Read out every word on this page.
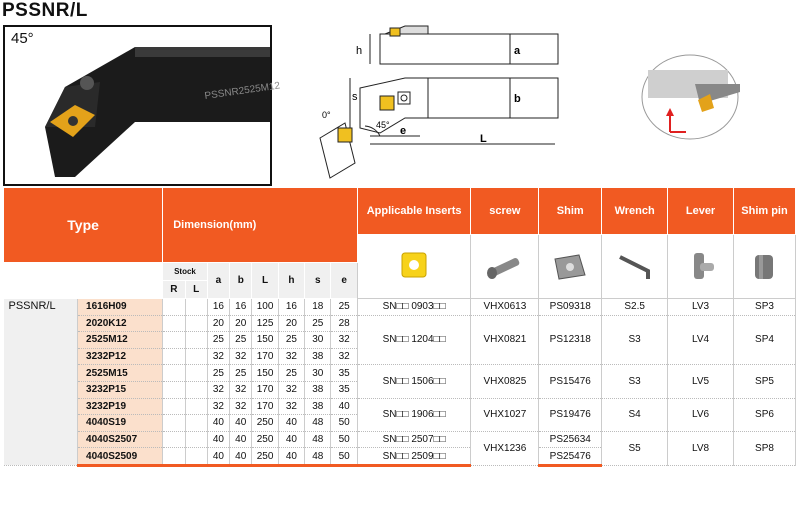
PSSNR/L
45°
PSSNR2525M12
h	a
s	b
0°
45° e
L
Type		Dimension(mm)								Applicable Inserts	screw	Shim	Wrench	Lever	Shim pin

		Stock		a	b	L	h	s	e						
		R	L												
PSSNR/L	1616H09			16	16	100	16	18	25	SN□□ 0903□□	VHX0613	PS09318	S2.5	LV3	SP3
	2020K12			20	20	125	20	25	28	SN□□ 1204□□	VHX0821	PS12318	S3	LV4	SP4
	2525M12			25	25	150	25	30	32						
	3232P12			32	32	170	32	38	32						
	2525M15			25	25	150	25	30	35	SN□□ 1506□□	VHX0825	PS15476	S3	LV5	SP5
	3232P15			32	32	170	32	38	35						
	3232P19			32	32	170	32	38	40	SN□□ 1906□□	VHX1027	PS19476	S4	LV6	SP6
	4040S19			40	40	250	40	48	50						
	4040S2507			40	40	250	40	48	50	SN□□ 2507□□	VHX1236	PS25634	S5	LV8	SP8
	4040S2509			40	40	250	40	48	50	SN□□ 2509□□		PS25476			
